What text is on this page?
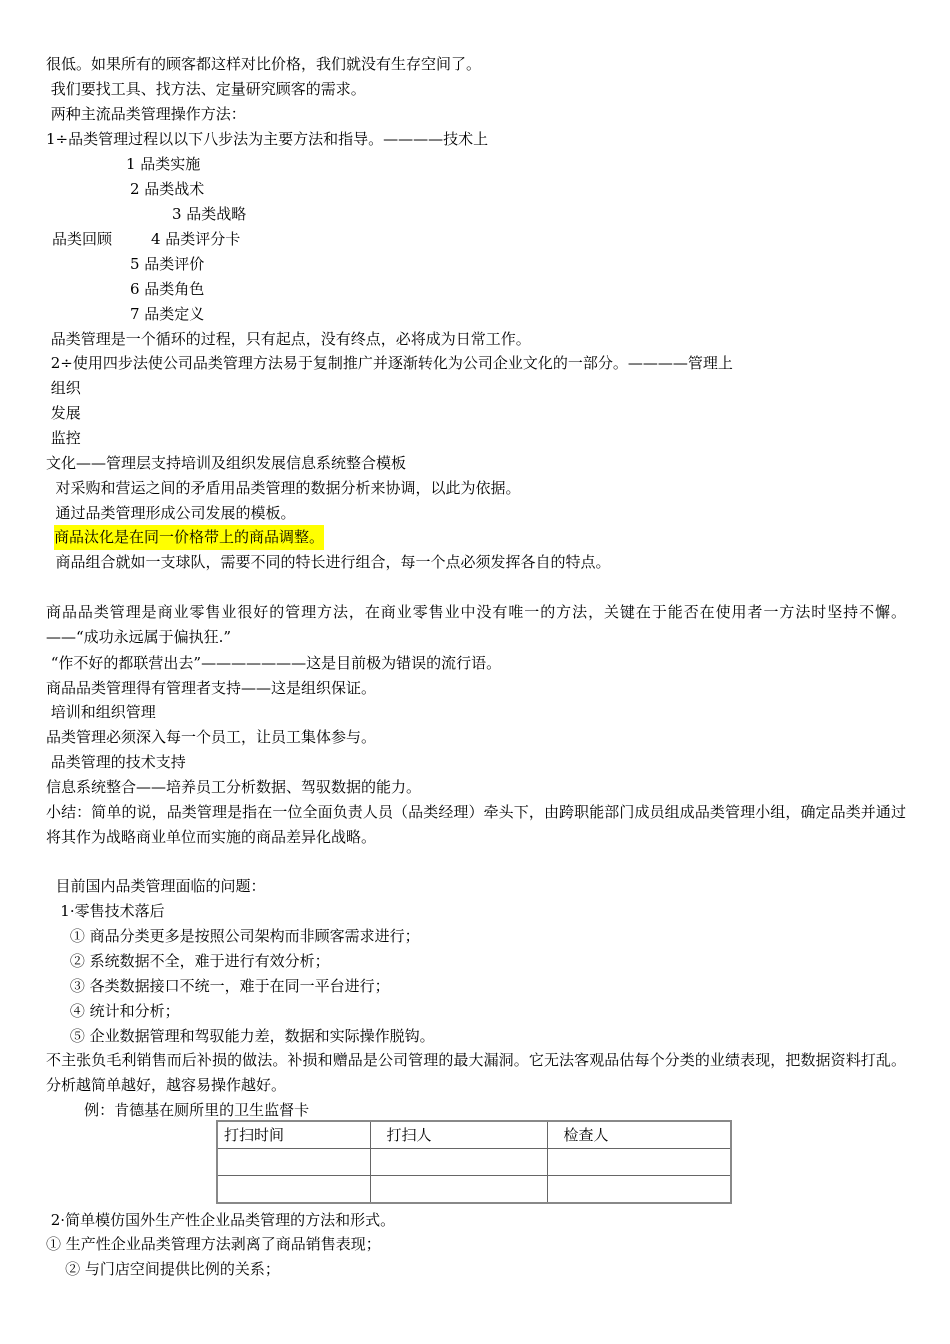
很低。如果所有的顾客都这样对比价格，我们就没有生存空间了。
我们要找工具、找方法、定量研究顾客的需求。
两种主流品类管理操作方法：
1÷品类管理过程以以下八步法为主要方法和指导。————技术上
1 品类实施
2 品类战术
3 品类战略
品类回顾	4 品类评分卡
5 品类评价
6 品类角色
7 品类定义
品类管理是一个循环的过程，只有起点，没有终点，必将成为日常工作。
2÷使用四步法使公司品类管理方法易于复制推广并逐渐转化为公司企业文化的一部分。————管理上
组织
发展
监控
文化——管理层支持培训及组织发展信息系统整合模板
对采购和营运之间的矛盾用品类管理的数据分析来协调，以此为依据。
通过品类管理形成公司发展的模板。
商品汰化是在同一价格带上的商品调整。
商品组合就如一支球队，需要不同的特长进行组合，每一个点必须发挥各自的特点。
商品品类管理是商业零售业很好的管理方法，在商业零售业中没有唯一的方法，关键在于能否在使用者一方法时坚持不懈。——“成功永远属于偏执狂.”
“作不好的都联营出去”———————这是目前极为错误的流行语。
商品品类管理得有管理者支持——这是组织保证。
培训和组织管理
品类管理必须深入每一个员工，让员工集体参与。
品类管理的技术支持
信息系统整合——培养员工分析数据、驾驭数据的能力。
小结：简单的说，品类管理是指在一位全面负责人员（品类经理）牵头下，由跨职能部门成员组成品类管理小组，确定品类并通过将其作为战略商业单位而实施的商品差异化战略。
目前国内品类管理面临的问题：
1·零售技术落后
① 商品分类更多是按照公司架构而非顾客需求进行；
② 系统数据不全，难于进行有效分析；
③ 各类数据接口不统一，难于在同一平台进行；
④ 统计和分析；
⑤ 企业数据管理和驾驭能力差，数据和实际操作脱钩。
不主张负毛利销售而后补损的做法。补损和赠品是公司管理的最大漏洞。它无法客观品估每个分类的业绩表现，把数据资料打乱。 分析越简单越好，越容易操作越好。
例：肯德基在厕所里的卫生监督卡
打扫时间	打扫人	检查人

2·简单模仿国外生产性企业品类管理的方法和形式。
① 生产性企业品类管理方法剥离了商品销售表现；
② 与门店空间提供比例的关系；
